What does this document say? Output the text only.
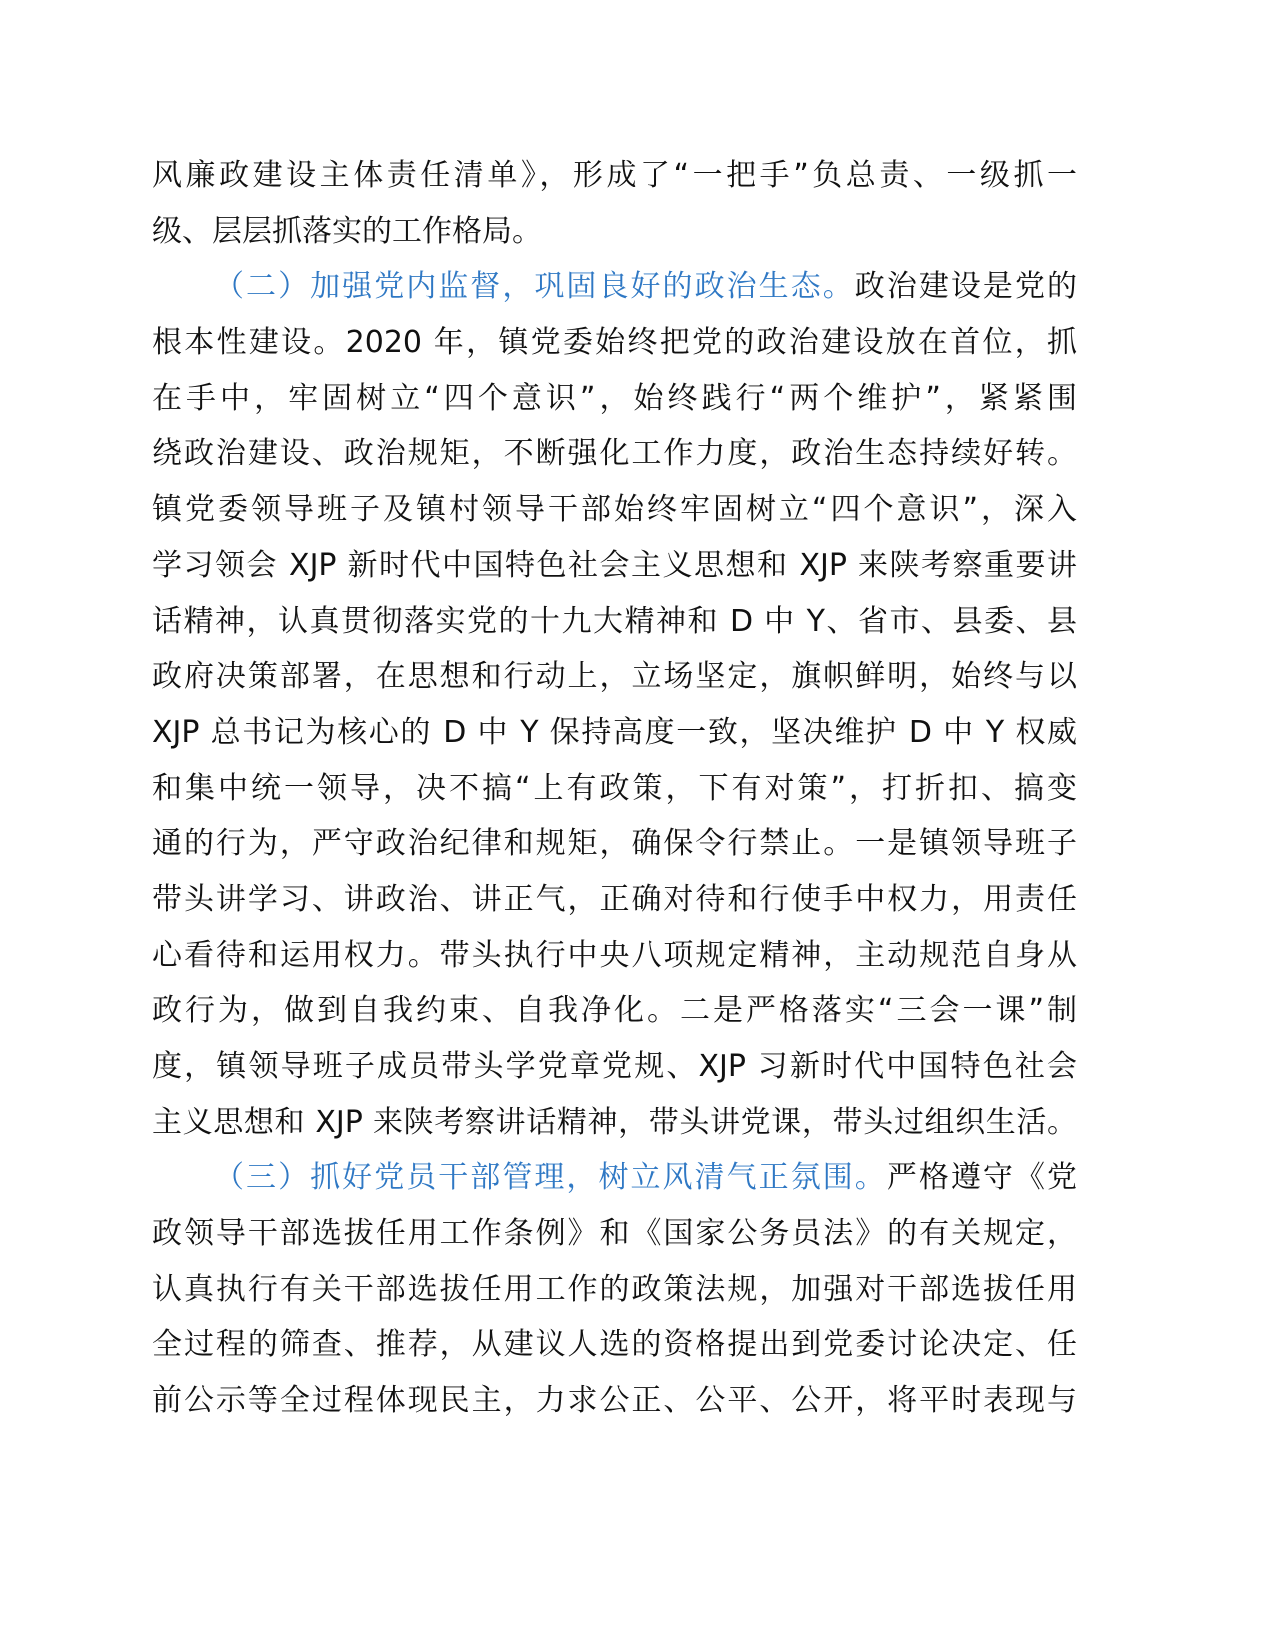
风廉政建设主体责任清单》，形成了“一把手”负总责、一级抓一
级、层层抓落实的工作格局。
（二）加强党内监督，巩固良好的政治生态。政治建设是党的
根本性建设。2020 年，镇党委始终把党的政治建设放在首位，抓
在手中，牢固树立“四个意识”，始终践行“两个维护”，紧紧围
绕政治建设、政治规矩，不断强化工作力度，政治生态持续好转。
镇党委领导班子及镇村领导干部始终牢固树立“四个意识”，深入
学习领会 XJP 新时代中国特色社会主义思想和 XJP 来陕考察重要讲
话精神，认真贯彻落实党的十九大精神和 D 中 Y、省市、县委、县
政府决策部署，在思想和行动上，立场坚定，旗帜鲜明，始终与以
XJP 总书记为核心的 D 中 Y 保持高度一致，坚决维护 D 中 Y 权威
和集中统一领导，决不搞“上有政策，下有对策”，打折扣、搞变
通的行为，严守政治纪律和规矩，确保令行禁止。一是镇领导班子
带头讲学习、讲政治、讲正气，正确对待和行使手中权力，用责任
心看待和运用权力。带头执行中央八项规定精神，主动规范自身从
政行为，做到自我约束、自我净化。二是严格落实“三会一课”制
度，镇领导班子成员带头学党章党规、XJP 习新时代中国特色社会
主义思想和 XJP 来陕考察讲话精神，带头讲党课，带头过组织生活。
（三）抓好党员干部管理，树立风清气正氛围。严格遵守《党
政领导干部选拔任用工作条例》和《国家公务员法》的有关规定，
认真执行有关干部选拔任用工作的政策法规，加强对干部选拔任用
全过程的筛查、推荐，从建议人选的资格提出到党委讨论决定、任
前公示等全过程体现民主，力求公正、公平、公开，将平时表现与
